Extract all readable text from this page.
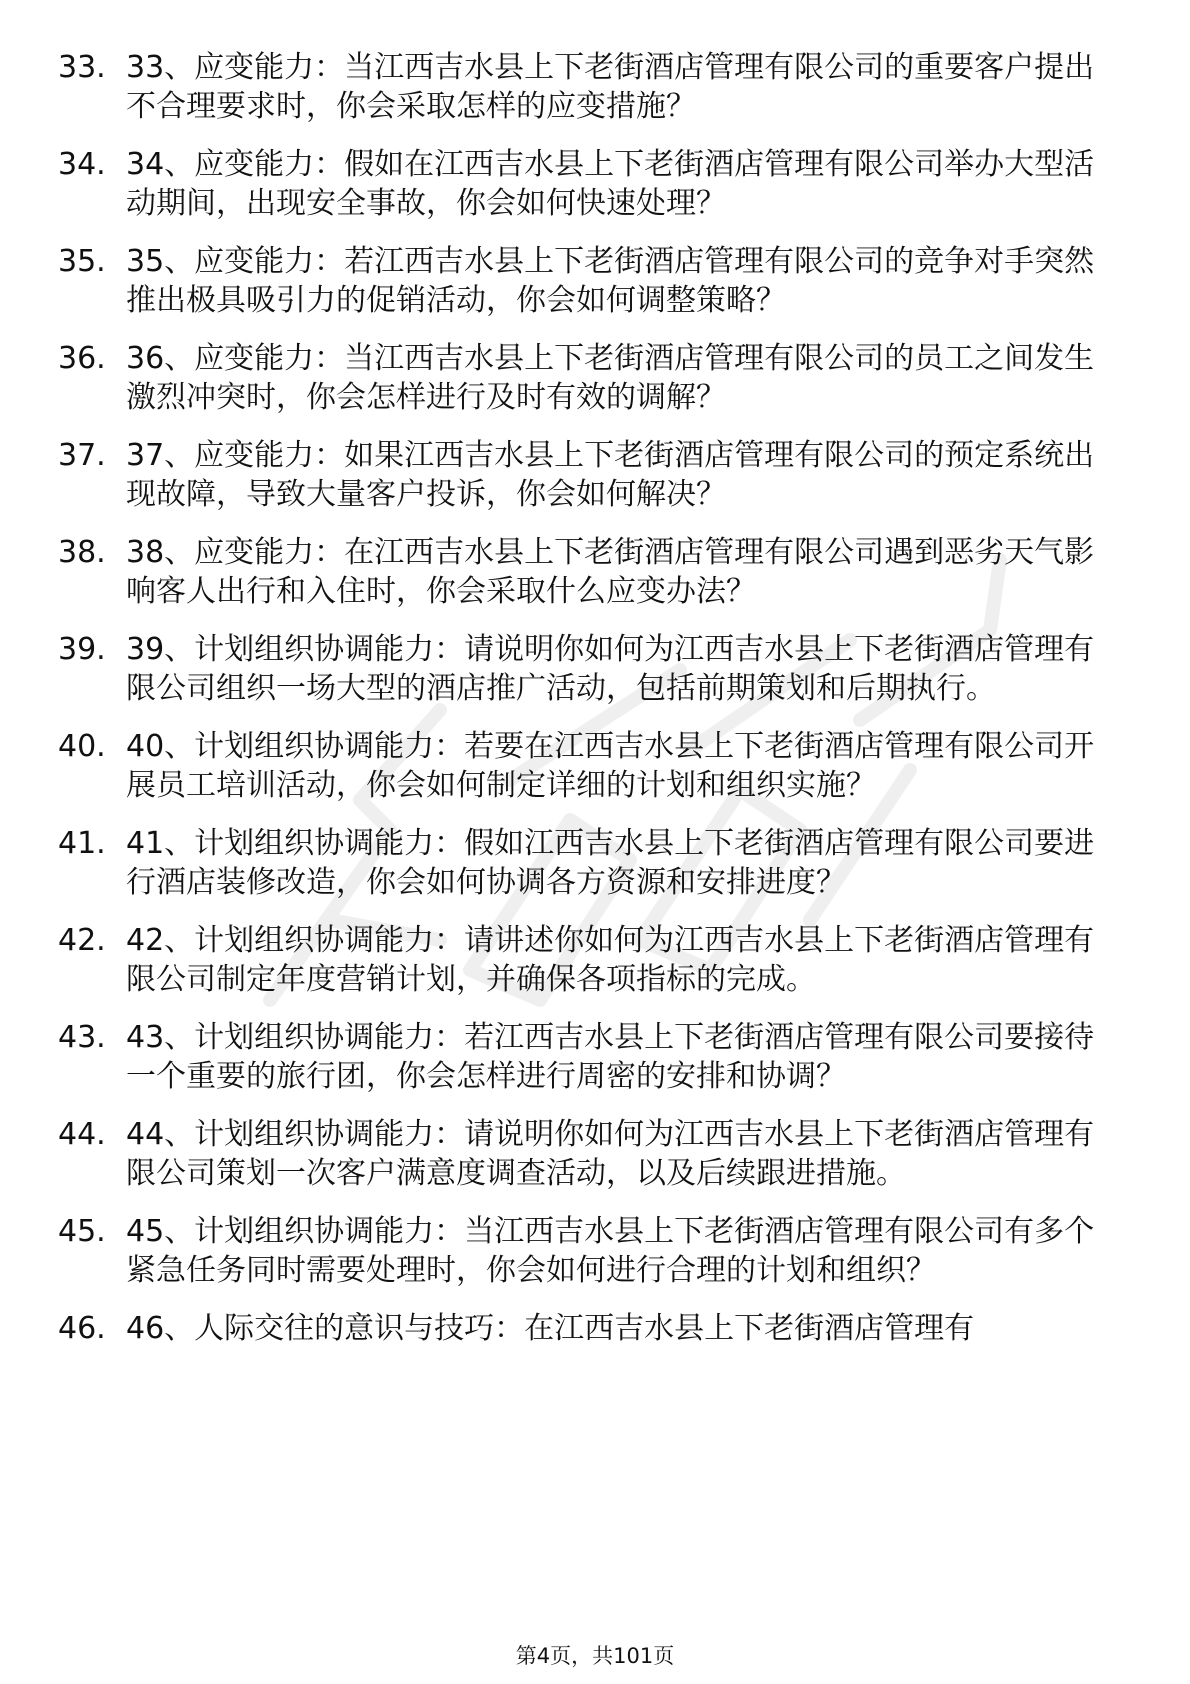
33. 33、应变能力：当江西吉水县上下老街酒店管理有限公司的重要客户提出不合理要求时，你会采取怎样的应变措施？
34. 34、应变能力：假如在江西吉水县上下老街酒店管理有限公司举办大型活动期间，出现安全事故，你会如何快速处理？
35. 35、应变能力：若江西吉水县上下老街酒店管理有限公司的竞争对手突然推出极具吸引力的促销活动，你会如何调整策略？
36. 36、应变能力：当江西吉水县上下老街酒店管理有限公司的员工之间发生激烈冲突时，你会怎样进行及时有效的调解？
37. 37、应变能力：如果江西吉水县上下老街酒店管理有限公司的预定系统出现故障，导致大量客户投诉，你会如何解决？
38. 38、应变能力：在江西吉水县上下老街酒店管理有限公司遇到恶劣天气影响客人出行和入住时，你会采取什么应变办法？
39. 39、计划组织协调能力：请说明你如何为江西吉水县上下老街酒店管理有限公司组织一场大型的酒店推广活动，包括前期策划和后期执行。
40. 40、计划组织协调能力：若要在江西吉水县上下老街酒店管理有限公司开展员工培训活动，你会如何制定详细的计划和组织实施？
41. 41、计划组织协调能力：假如江西吉水县上下老街酒店管理有限公司要进行酒店装修改造，你会如何协调各方资源和安排进度？
42. 42、计划组织协调能力：请讲述你如何为江西吉水县上下老街酒店管理有限公司制定年度营销计划，并确保各项指标的完成。
43. 43、计划组织协调能力：若江西吉水县上下老街酒店管理有限公司要接待一个重要的旅行团，你会怎样进行周密的安排和协调？
44. 44、计划组织协调能力：请说明你如何为江西吉水县上下老街酒店管理有限公司策划一次客户满意度调查活动，以及后续跟进措施。
45. 45、计划组织协调能力：当江西吉水县上下老街酒店管理有限公司有多个紧急任务同时需要处理时，你会如何进行合理的计划和组织？
46. 46、人际交往的意识与技巧：在江西吉水县上下老街酒店管理有
第4页，共101页
